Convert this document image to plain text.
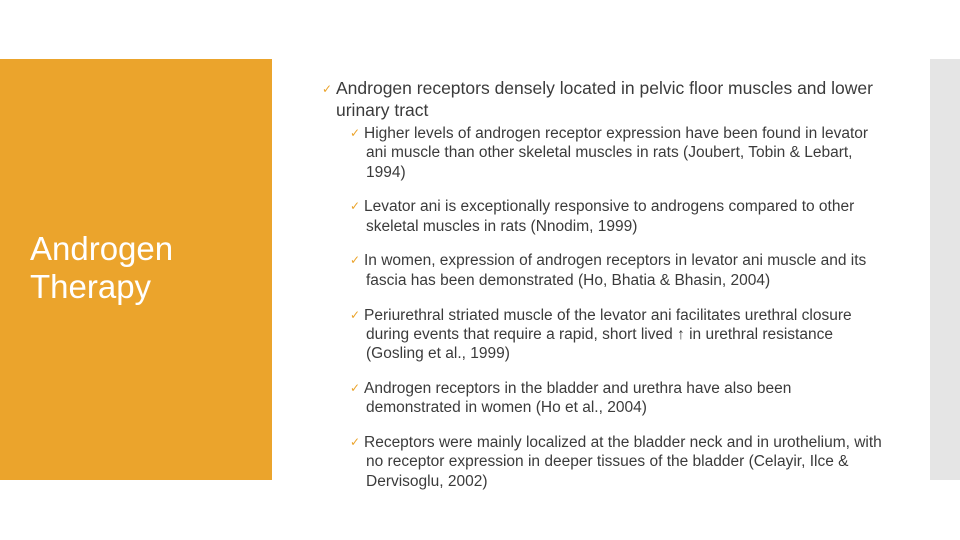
Androgen Therapy

✓ Androgen receptors densely located in pelvic floor muscles and lower urinary tract

✓ Higher levels of androgen receptor expression have been found in levator ani muscle than other skeletal muscles in rats (Joubert, Tobin & Lebart, 1994)

✓ Levator ani is exceptionally responsive to androgens compared to other skeletal muscles in rats (Nnodim, 1999)

✓ In women, expression of androgen receptors in levator ani muscle and its fascia has been demonstrated (Ho, Bhatia & Bhasin, 2004)

✓ Periurethral striated muscle of the levator ani facilitates urethral closure during events that require a rapid, short lived ↑ in urethral resistance (Gosling et al., 1999)

✓ Androgen receptors in the bladder and urethra have also been demonstrated in women (Ho et al., 2004)

✓ Receptors were mainly localized at the bladder neck and in urothelium, with no receptor expression in deeper tissues of the bladder (Celayir, Ilce & Dervisoglu, 2002)
